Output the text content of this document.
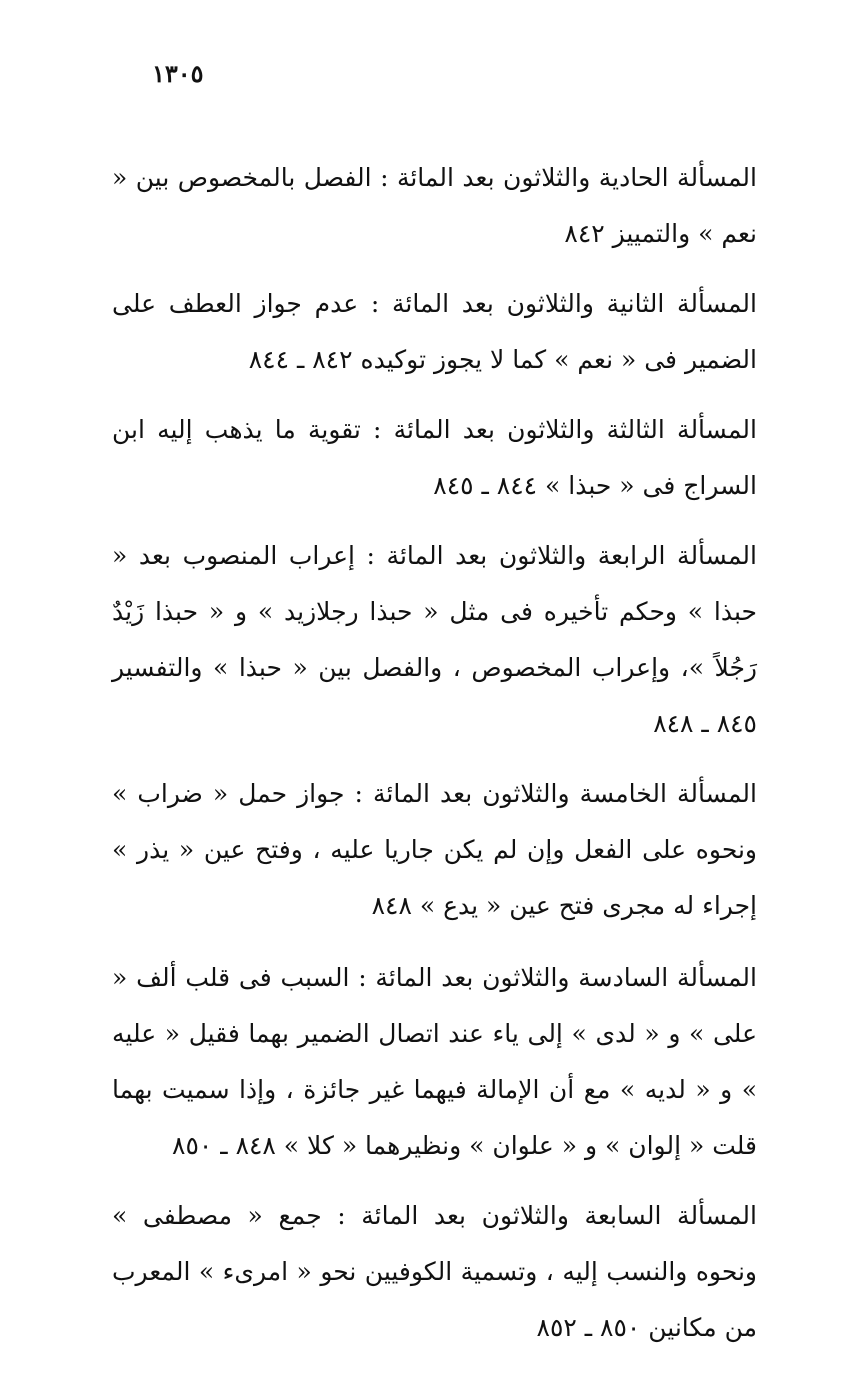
١٣٠٥

المسألة الحادية والثلاثون بعد المائة : الفصل بالمخصوص بين « نعم » والتمييز ٨٤٢

المسألة الثانية والثلاثون بعد المائة : عدم جواز العطف على الضمير فى « نعم » كما لا يجوز توكيده ٨٤٢ ـ ٨٤٤

المسألة الثالثة والثلاثون بعد المائة : تقوية ما يذهب إليه ابن السراج فى « حبذا » ٨٤٤ ـ ٨٤٥

المسألة الرابعة والثلاثون بعد المائة : إعراب المنصوب بعد « حبذا » وحكم تأخيره فى مثل « حبذا رجلازيد » و « حبذا زَيْدٌ رَجُلاً »، وإعراب المخصوص ، والفصل بين « حبذا » والتفسير ٨٤٥ ـ ٨٤٨

المسألة الخامسة والثلاثون بعد المائة : جواز حمل « ضراب » ونحوه على الفعل وإن لم يكن جاريا عليه ، وفتح عين « يذر » إجراء له مجرى فتح عين « يدع » ٨٤٨

المسألة السادسة والثلاثون بعد المائة : السبب فى قلب ألف « على » و « لدى » إلى ياء عند اتصال الضمير بهما فقيل « عليه » و « لديه » مع أن الإمالة فيهما غير جائزة ، وإذا سميت بهما قلت « إلوان » و « علوان » ونظيرهما « كلا » ٨٤٨ ـ ٨٥٠

المسألة السابعة والثلاثون بعد المائة : جمع « مصطفى » ونحوه والنسب إليه ، وتسمية الكوفيين نحو « امرىء » المعرب من مكانين ٨٥٠ ـ ٨٥٢
